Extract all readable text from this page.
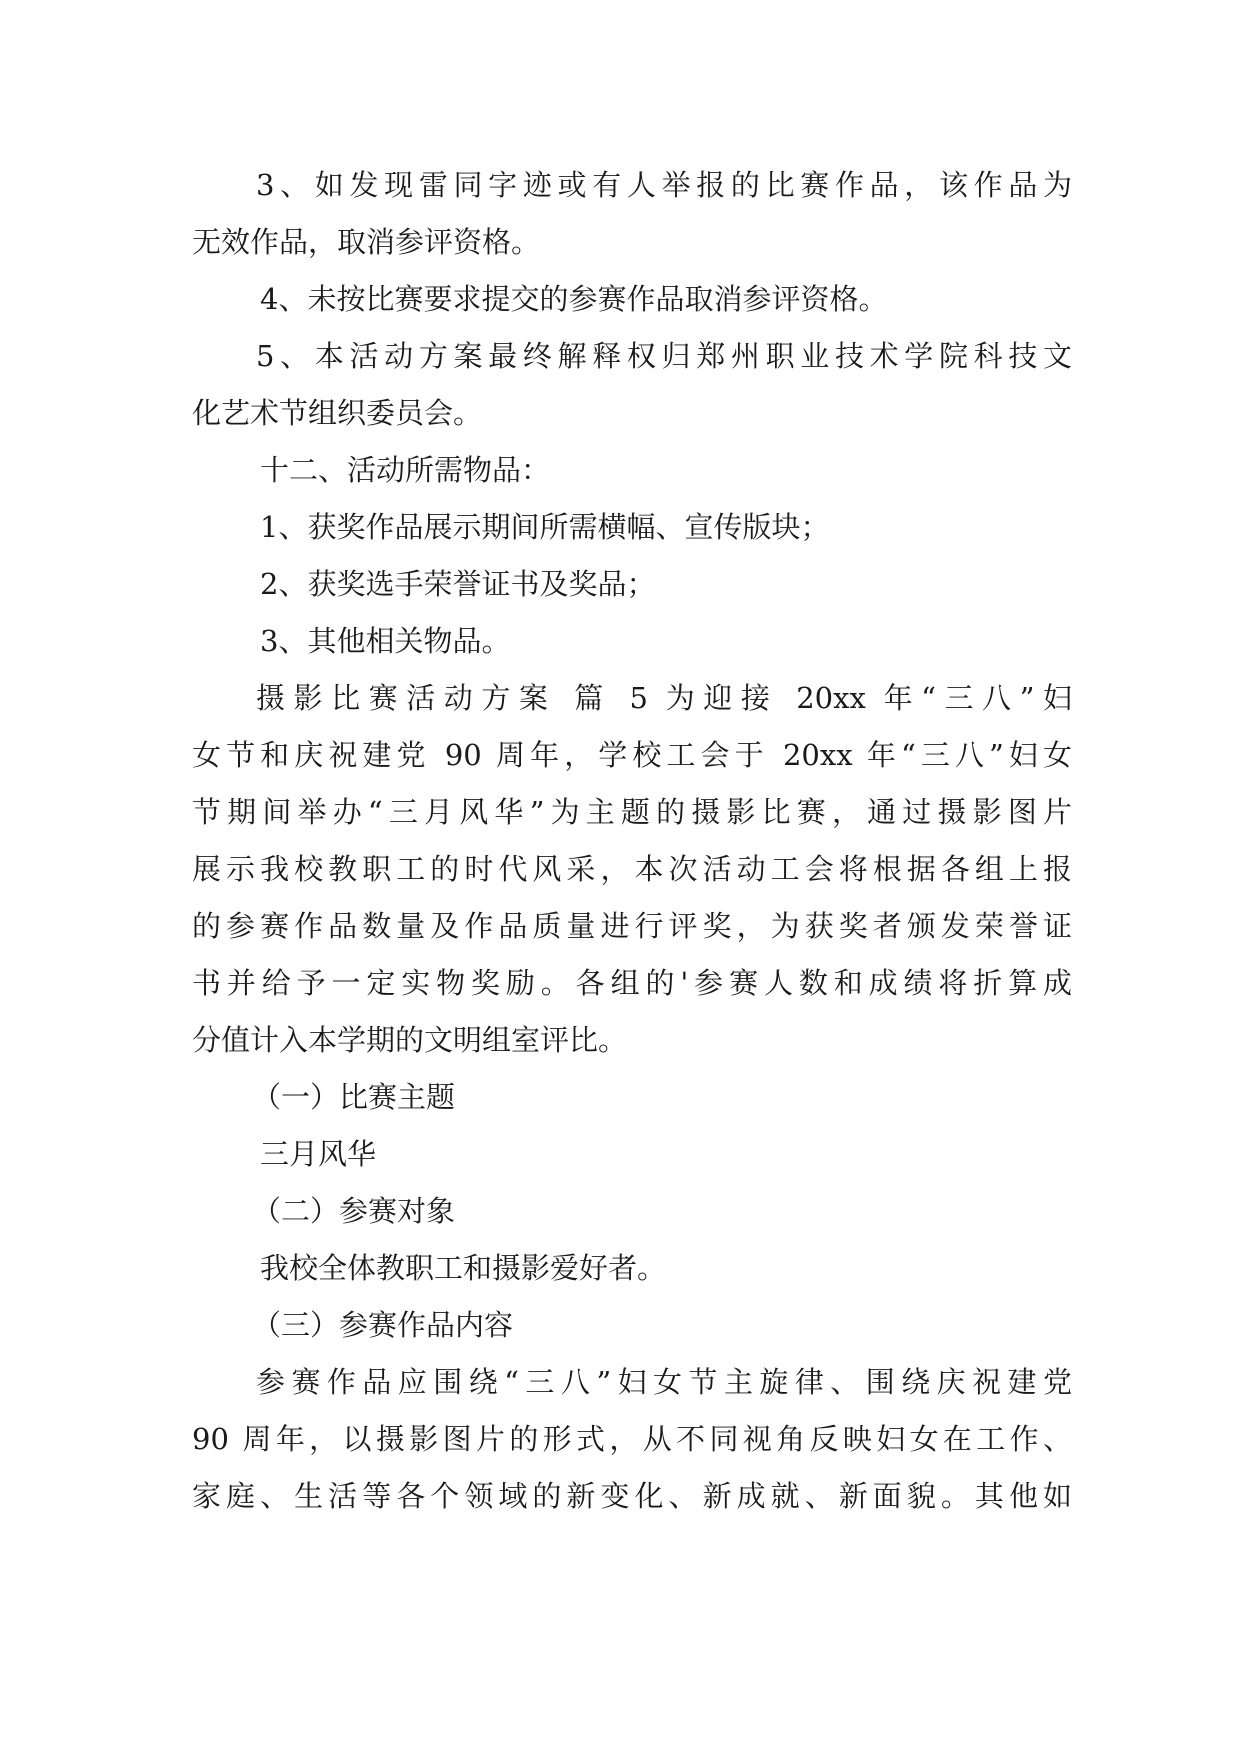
3、如发现雷同字迹或有人举报的比赛作品，该作品为
无效作品，取消参评资格。
4、未按比赛要求提交的参赛作品取消参评资格。
5、本活动方案最终解释权归郑州职业技术学院科技文
化艺术节组织委员会。
十二、活动所需物品：
1、获奖作品展示期间所需横幅、宣传版块；
2、获奖选手荣誉证书及奖品；
3、其他相关物品。
摄影比赛活动方案 篇 5 为迎接 20xx 年“三八”妇
女节和庆祝建党 90 周年，学校工会于 20xx 年“三八”妇女
节期间举办“三月风华”为主题的摄影比赛，通过摄影图片
展示我校教职工的时代风采，本次活动工会将根据各组上报
的参赛作品数量及作品质量进行评奖，为获奖者颁发荣誉证
书并给予一定实物奖励。各组的'参赛人数和成绩将折算成
分值计入本学期的文明组室评比。
（一）比赛主题
三月风华
（二）参赛对象
我校全体教职工和摄影爱好者。
（三）参赛作品内容
参赛作品应围绕“三八”妇女节主旋律、围绕庆祝建党
90 周年，以摄影图片的形式，从不同视角反映妇女在工作、
家庭、生活等各个领域的新变化、新成就、新面貌。其他如
